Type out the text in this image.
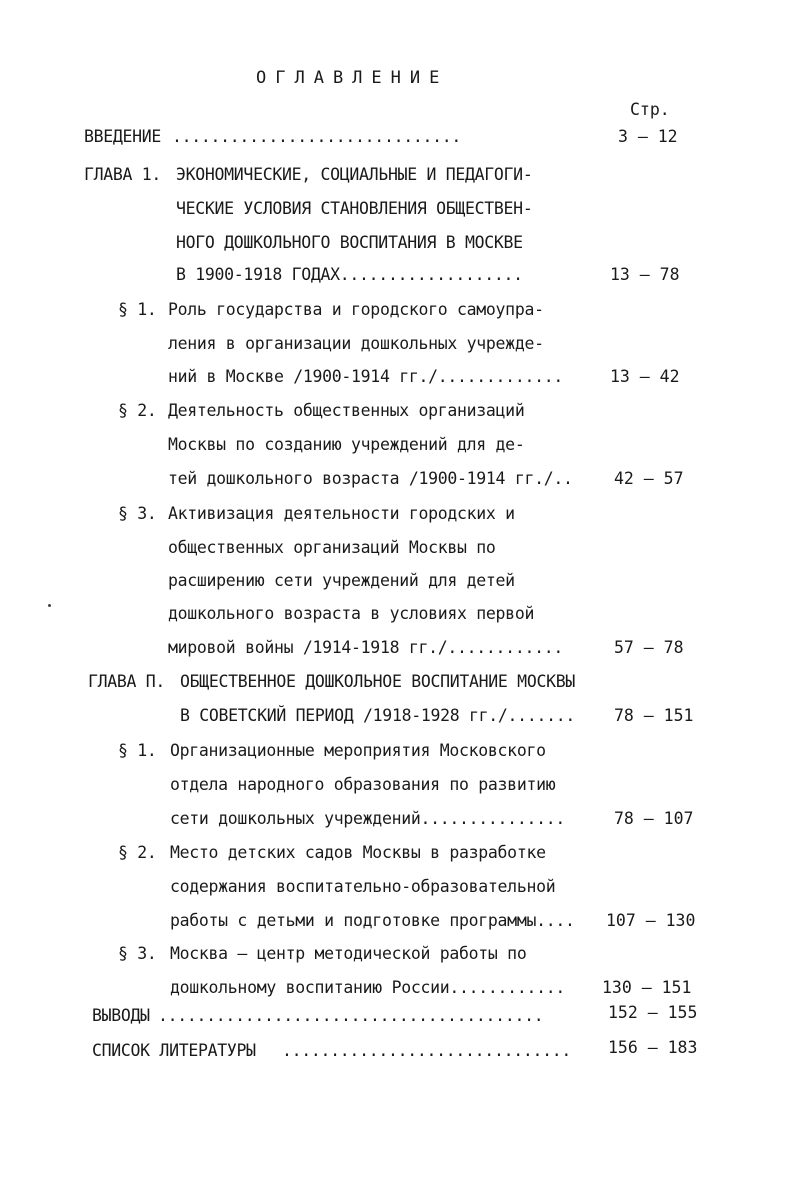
ОГЛАВЛЕНИЕ
Стр.
ВВЕДЕНИЕ ..............................	3 – 12
ГЛАВА 1. ЭКОНОМИЧЕСКИЕ, СОЦИАЛЬНЫЕ И ПЕДАГОГИ-
ЧЕСКИЕ УСЛОВИЯ СТАНОВЛЕНИЯ ОБЩЕСТВЕН-
НОГО ДОШКОЛЬНОГО ВОСПИТАНИЯ В МОСКВЕ
В 1900-1918 ГОДАХ...................	13 – 78
§ 1. Роль государства и городского самоупра-
ления в организации дошкольных учрежде-
ний в Москве /1900-1914 гг./.............	13 – 42
§ 2. Деятельность общественных организаций
Москвы по созданию учреждений для де-
тей дошкольного возраста /1900-1914 гг./..	42 – 57
§ 3. Активизация деятельности городских и
общественных организаций Москвы по
расширению сети учреждений для детей
дошкольного возраста в условиях первой
мировой войны /1914-1918 гг./............	57 – 78
ГЛАВА П. ОБЩЕСТВЕННОЕ ДОШКОЛЬНОЕ ВОСПИТАНИЕ МОСКВЫ
В СОВЕТСКИЙ ПЕРИОД /1918-1928 гг./....... 78 – 151
§ 1. Организационные мероприятия Московского
отдела народного образования по развитию
сети дошкольных учреждений...............	78 – 107
§ 2. Место детских садов Москвы в разработке
содержания воспитательно-образовательной
работы с детьми и подготовке программы.... 107 – 130
§ 3. Москва – центр методической работы по
дошкольному воспитанию России............ 130 – 151
ВЫВОДЫ ........................................	152 – 155
СПИСОК ЛИТЕРАТУРЫ .............................. 156 – 183
